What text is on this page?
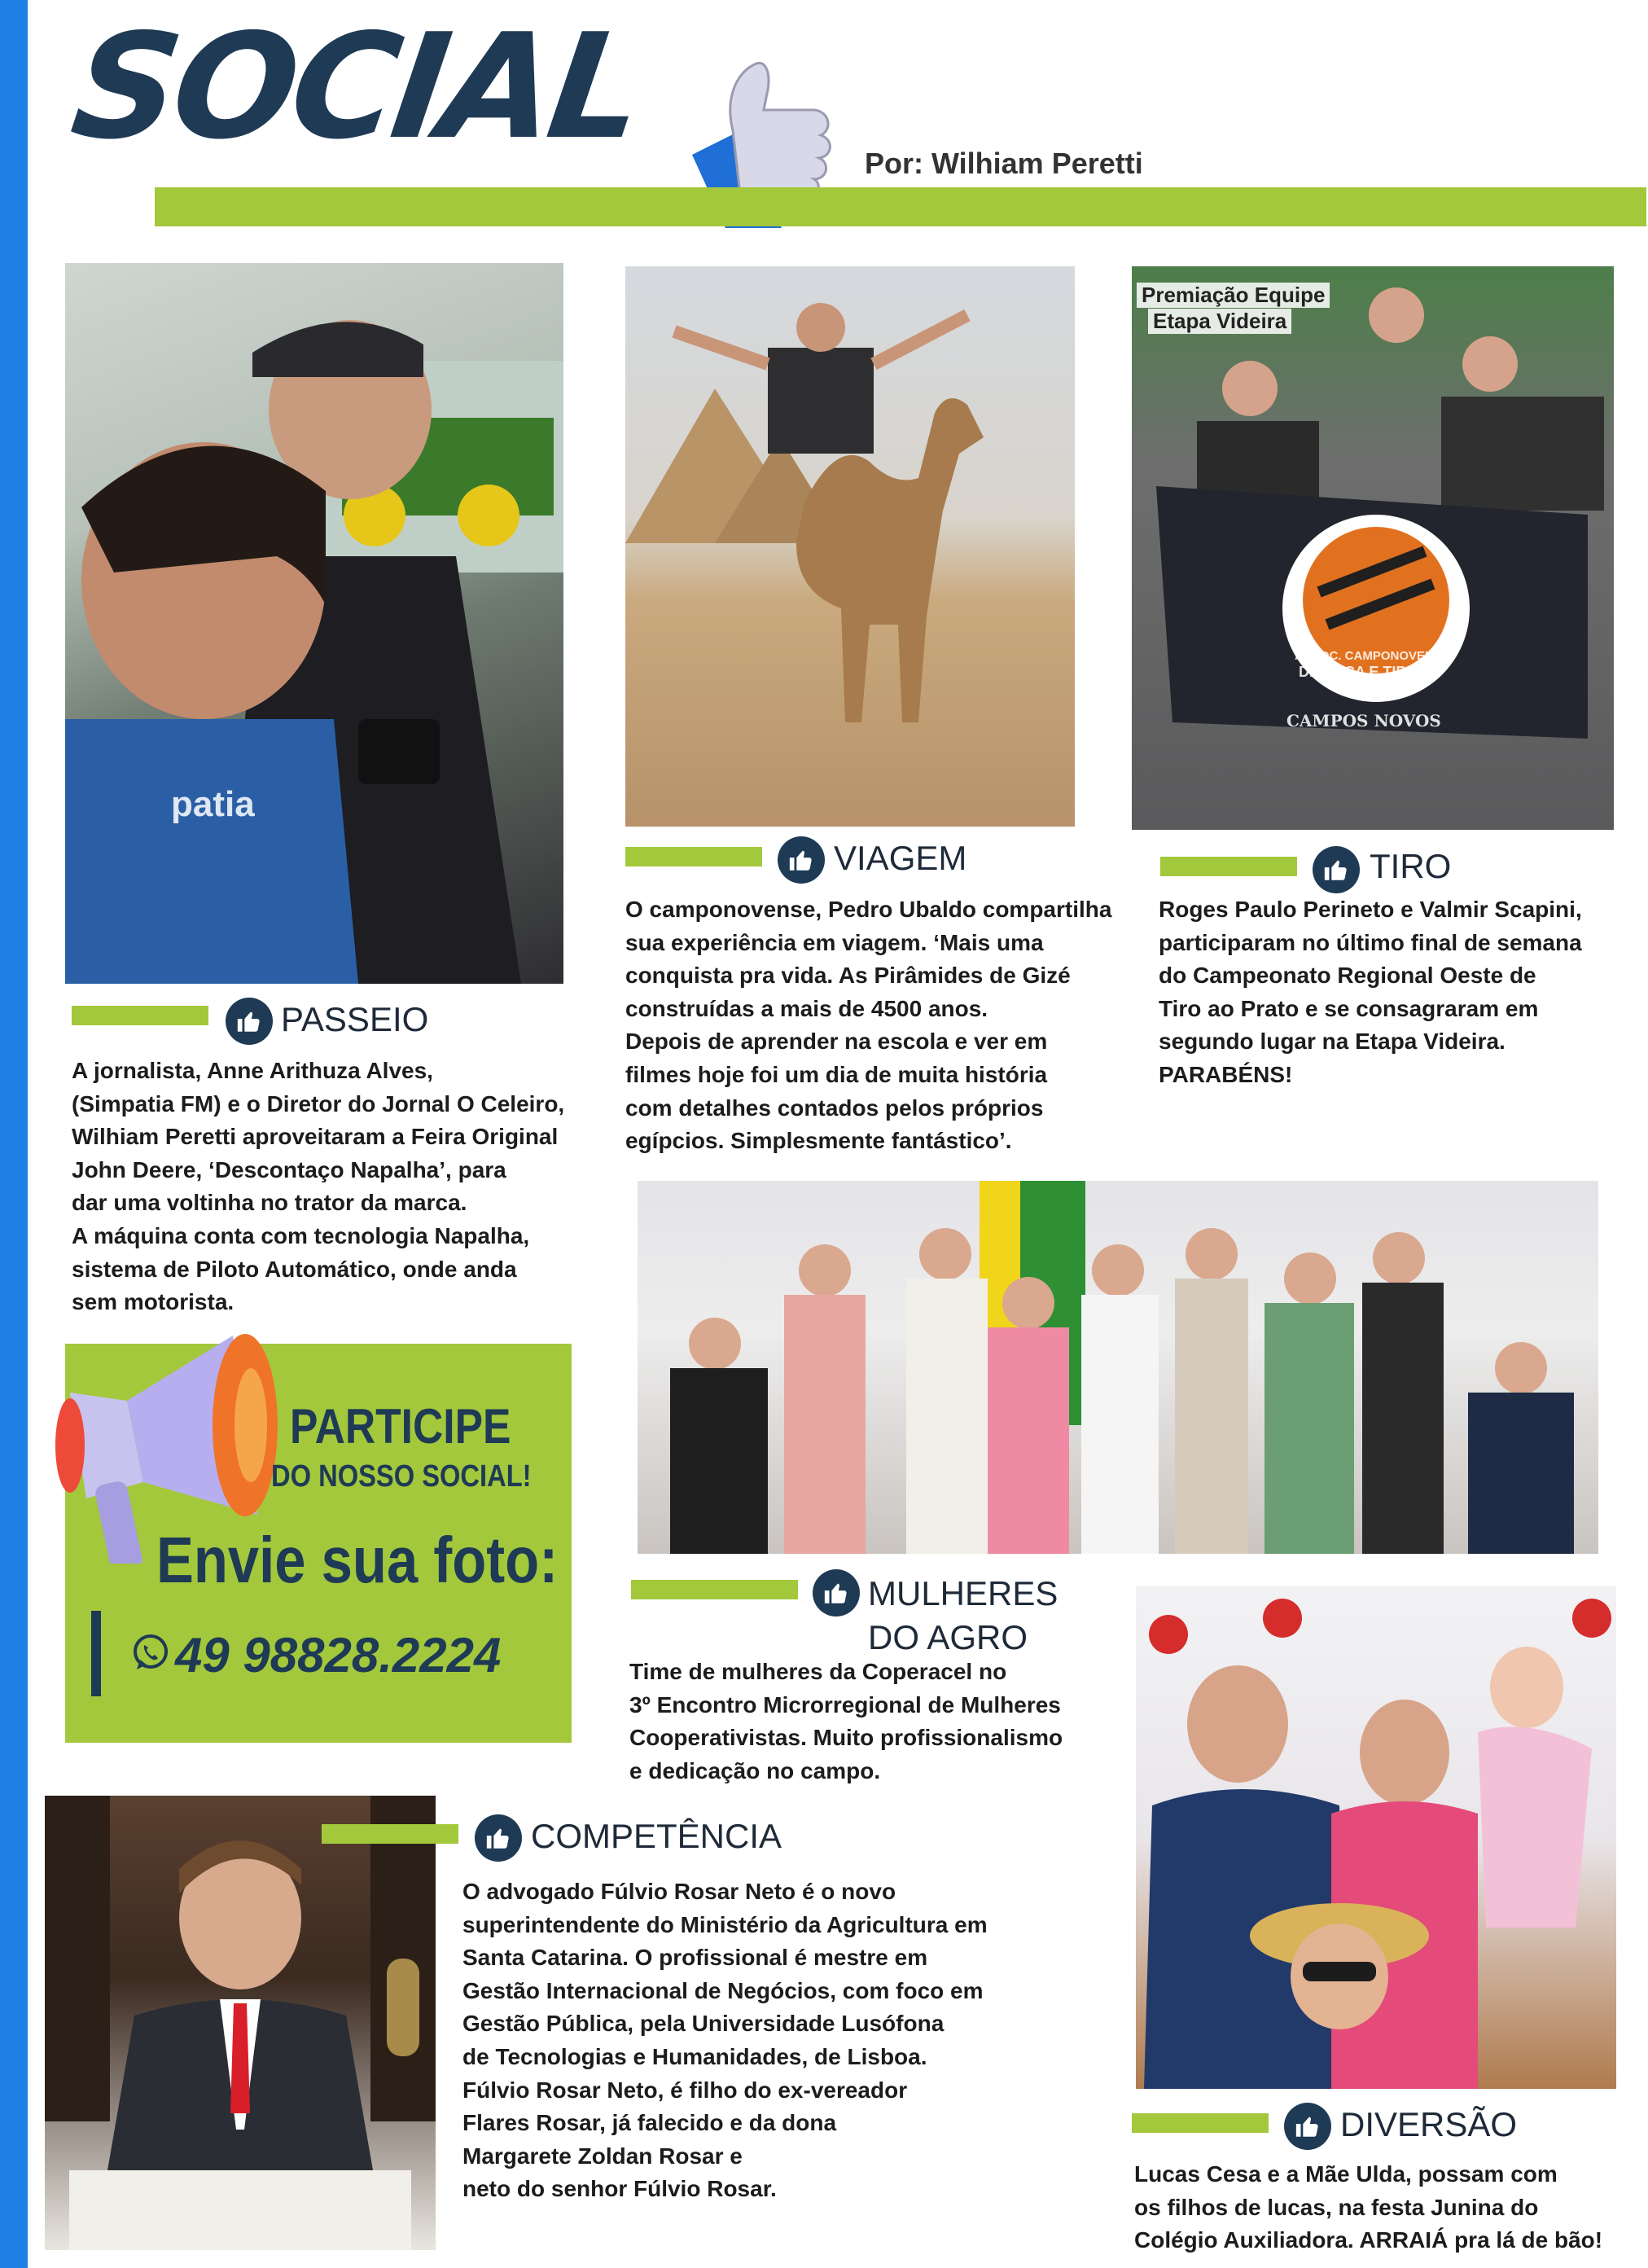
SOCIAL	Por: Wilhiam Peretti
patia
Premiação Equipe
Etapa Videira
ASSOC. CAMPONOVENSE
DE CAÇA E TIRO
ESPORTIVO
CAMPOS NOVOS
PASSEIO
A jornalista, Anne Arithuza Alves,
(Simpatia FM) e o Diretor do Jornal O Celeiro,
Wilhiam Peretti aproveitaram a Feira Original
John Deere, ‘Descontaço Napalha’, para
dar uma voltinha no trator da marca.
A máquina conta com tecnologia Napalha,
sistema de Piloto Automático, onde anda
sem motorista.
VIAGEM
O camponovense, Pedro Ubaldo compartilha
sua experiência em viagem. ‘Mais uma
conquista pra vida. As Pirâmides de Gizé
construídas a mais de 4500 anos.
Depois de aprender na escola e ver em
filmes hoje foi um dia de muita história
com detalhes contados pelos próprios
egípcios. Simplesmente fantástico’.
TIRO
Roges Paulo Perineto e Valmir Scapini,
participaram no último final de semana
do Campeonato Regional Oeste de
Tiro ao Prato e se consagraram em
segundo lugar na Etapa Videira.
PARABÉNS!
MULHERES
DO AGRO
Time de mulheres da Coperacel no
3º Encontro Microrregional de Mulheres
Cooperativistas. Muito profissionalismo
e dedicação no campo.
PARTICIPE
DO NOSSO SOCIAL!
Envie sua foto:
49 98828.2224
COMPETÊNCIA
O advogado Fúlvio Rosar Neto é o novo
superintendente do Ministério da Agricultura em
Santa Catarina. O profissional é mestre em
Gestão Internacional de Negócios, com foco em
Gestão Pública, pela Universidade Lusófona
de Tecnologias e Humanidades, de Lisboa.
Fúlvio Rosar Neto, é filho do ex-vereador
Flares Rosar, já falecido e da dona
Margarete Zoldan Rosar e
neto do senhor Fúlvio Rosar.
DIVERSÃO
Lucas Cesa e a Mãe Ulda, possam com
os filhos de lucas, na festa Junina do
Colégio Auxiliadora. ARRAIÁ pra lá de bão!
